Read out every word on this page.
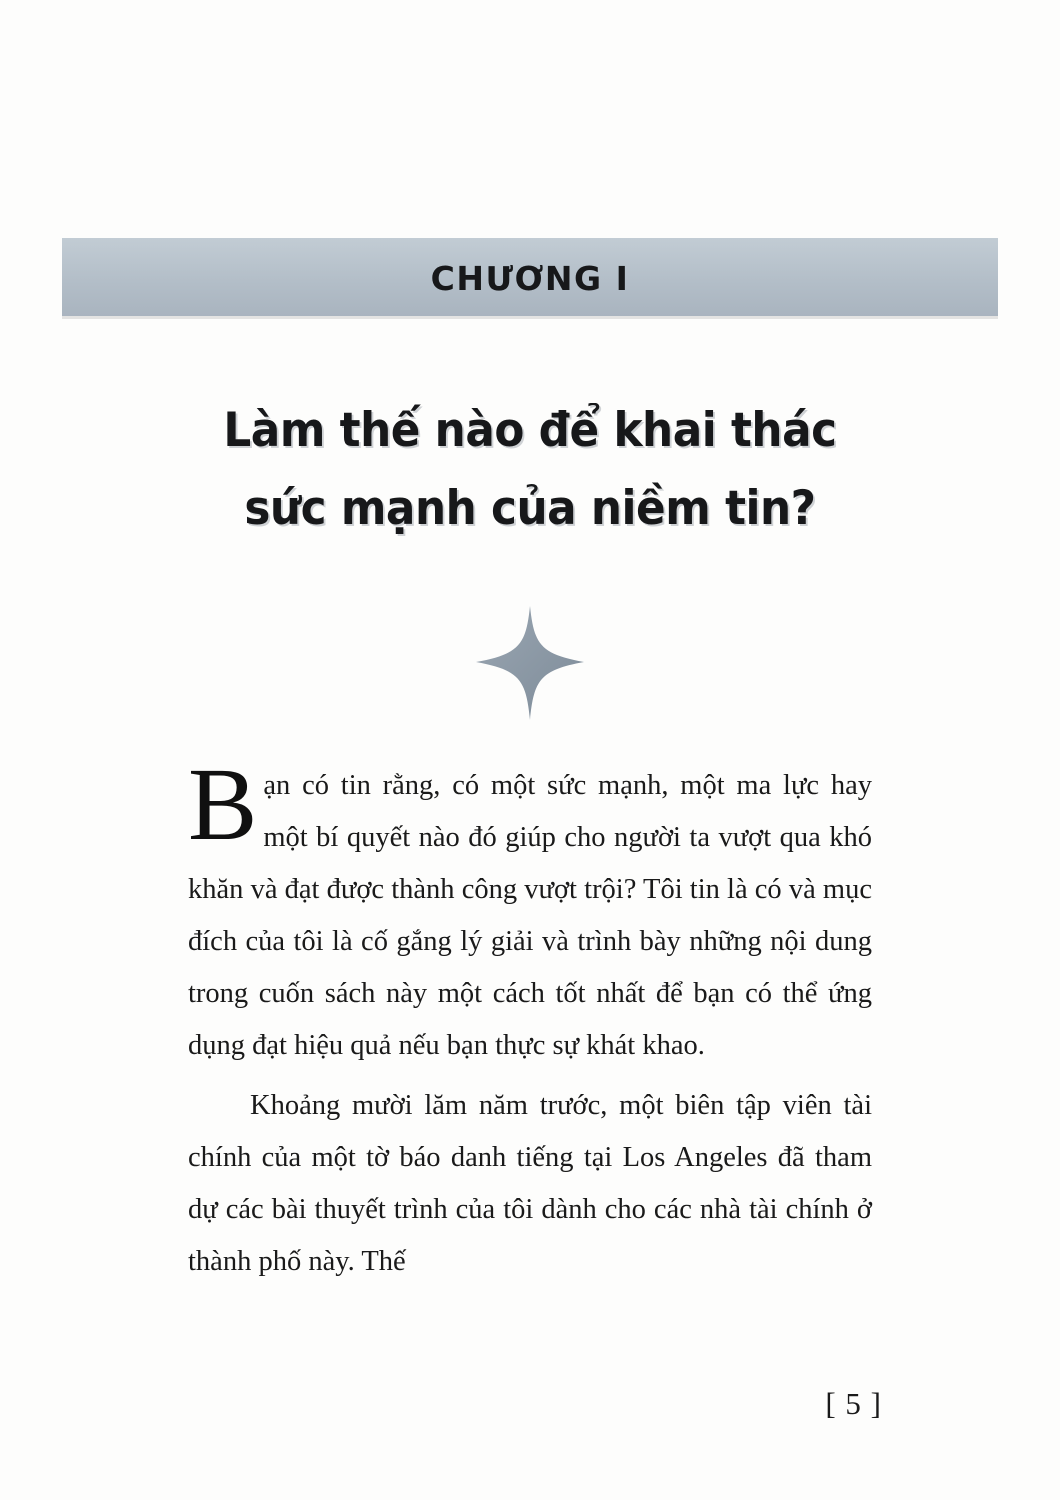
CHƯƠNG I
Làm thế nào để khai thác
sức mạnh của niềm tin?

Bạn có tin rằng, có một sức mạnh, một ma lực hay một bí quyết nào đó giúp cho người ta vượt qua khó khăn và đạt được thành công vượt trội? Tôi tin là có và mục đích của tôi là cố gắng lý giải và trình bày những nội dung trong cuốn sách này một cách tốt nhất để bạn có thể ứng dụng đạt hiệu quả nếu bạn thực sự khát khao.

Khoảng mười lăm năm trước, một biên tập viên tài chính của một tờ báo danh tiếng tại Los Angeles đã tham dự các bài thuyết trình của tôi dành cho các nhà tài chính ở thành phố này. Thế

[ 5 ]
